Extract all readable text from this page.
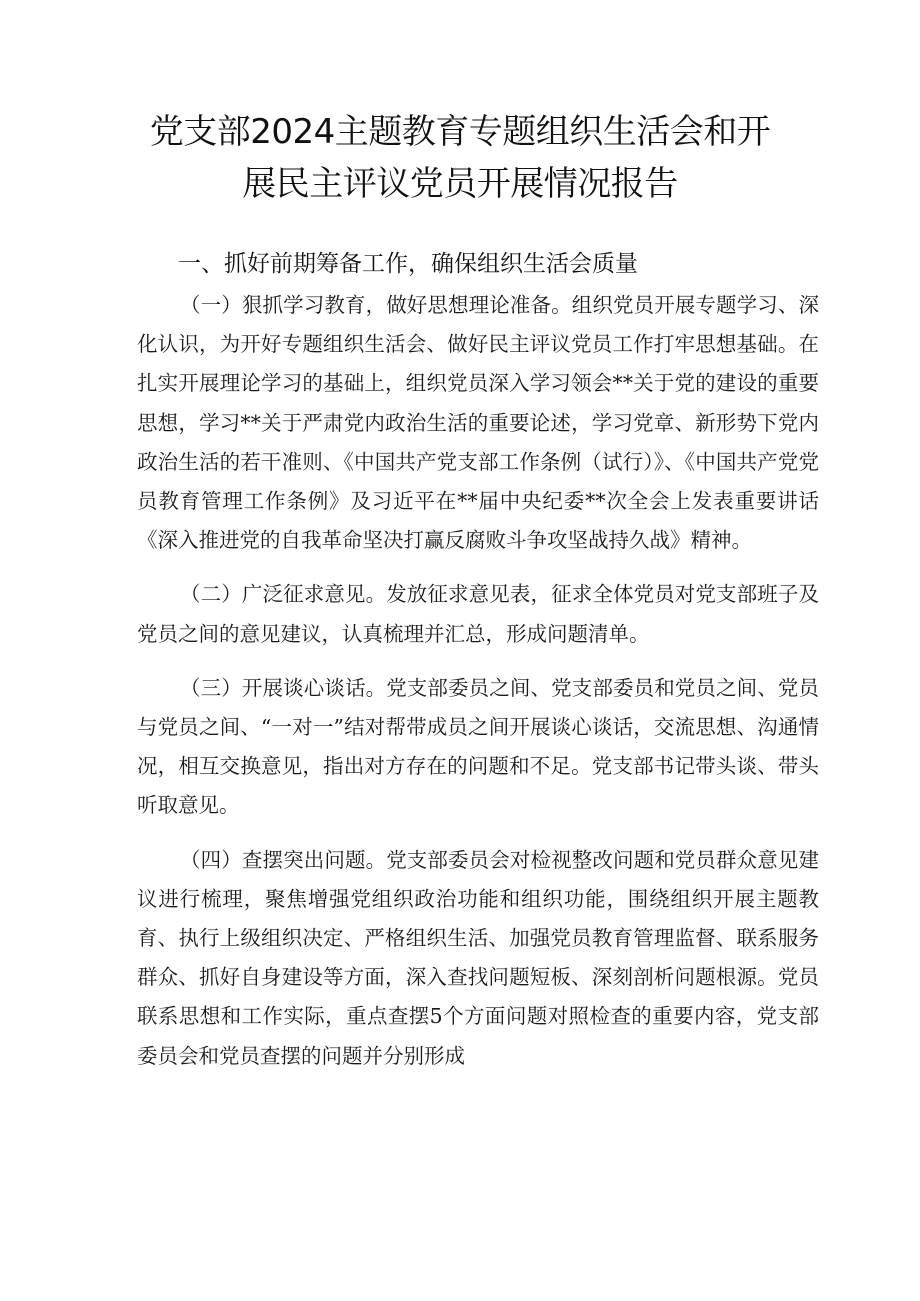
党支部2024主题教育专题组织生活会和开
展民主评议党员开展情况报告
一、抓好前期筹备工作，确保组织生活会质量

（一）狠抓学习教育，做好思想理论准备。组织党员开展专题学习、深化认识，为开好专题组织生活会、做好民主评议党员工作打牢思想基础。在扎实开展理论学习的基础上，组织党员深入学习领会**关于党的建设的重要思想，学习**关于严肃党内政治生活的重要论述，学习党章、新形势下党内政治生活的若干准则、《中国共产党支部工作条例（试行）》、《中国共产党党员教育管理工作条例》及习近平在**届中央纪委**次全会上发表重要讲话《深入推进党的自我革命坚决打赢反腐败斗争攻坚战持久战》精神。

（二）广泛征求意见。发放征求意见表，征求全体党员对党支部班子及党员之间的意见建议，认真梳理并汇总，形成问题清单。

（三）开展谈心谈话。党支部委员之间、党支部委员和党员之间、党员与党员之间、“一对一”结对帮带成员之间开展谈心谈话，交流思想、沟通情况，相互交换意见，指出对方存在的问题和不足。党支部书记带头谈、带头听取意见。

（四）查摆突出问题。党支部委员会对检视整改问题和党员群众意见建议进行梳理，聚焦增强党组织政治功能和组织功能，围绕组织开展主题教育、执行上级组织决定、严格组织生活、加强党员教育管理监督、联系服务群众、抓好自身建设等方面，深入查找问题短板、深刻剖析问题根源。党员联系思想和工作实际，重点查摆5个方面问题对照检查的重要内容，党支部委员会和党员查摆的问题并分别形成
